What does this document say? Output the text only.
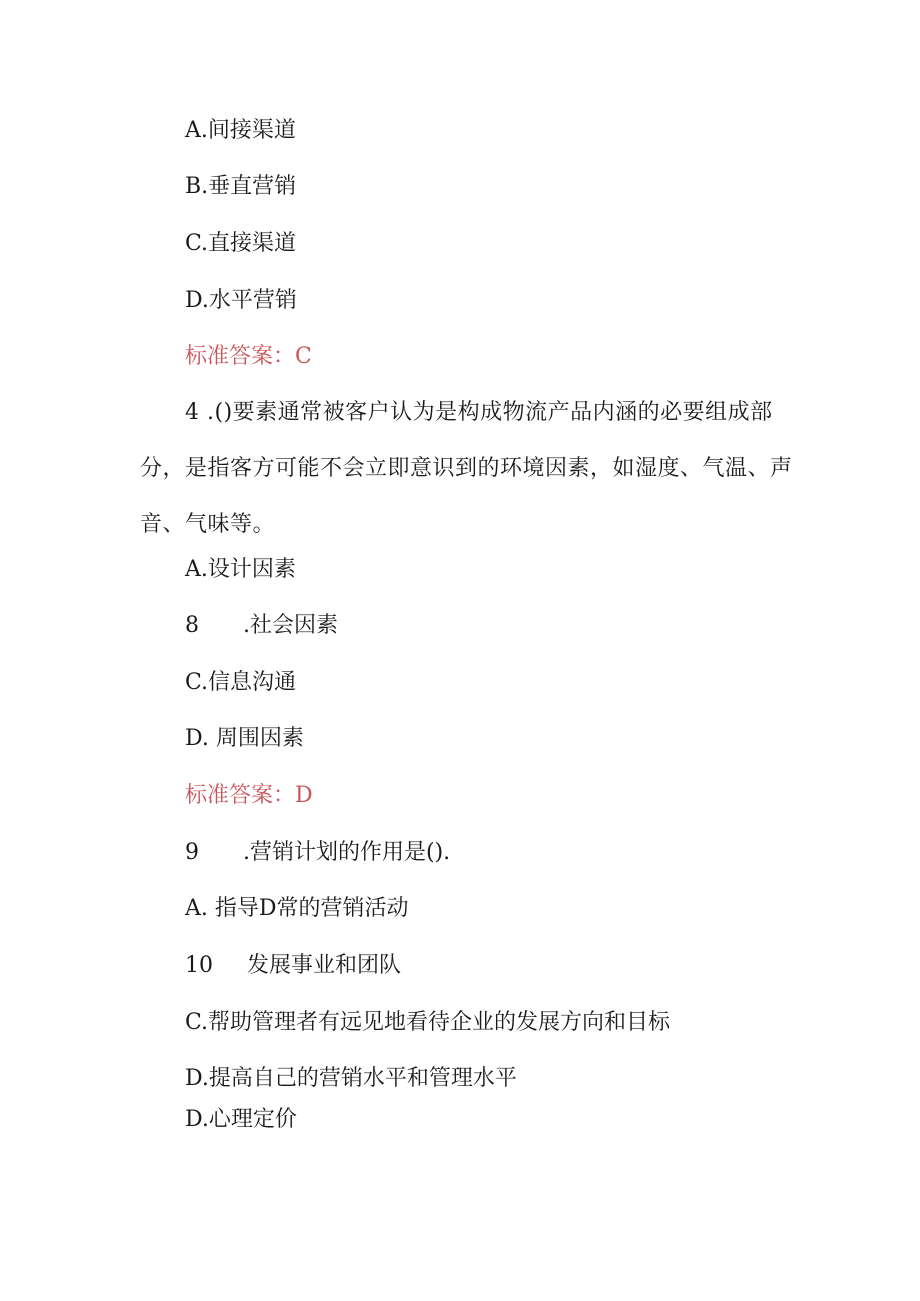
A.间接渠道
B.垂直营销
C.直接渠道
D.水平营销
标准答案：C
4 .()要素通常被客户认为是构成物流产品内涵的必要组成部分，是指客方可能不会立即意识到的环境因素，如湿度、气温、声音、气味等。
A.设计因素
8 .社会因素
C.信息沟通
D. 周围因素
标准答案：D
9 .营销计划的作用是().
A. 指导D常的营销活动
10 发展事业和团队
C.帮助管理者有远见地看待企业的发展方向和目标
D.提高自己的营销水平和管理水平
D.心理定价
